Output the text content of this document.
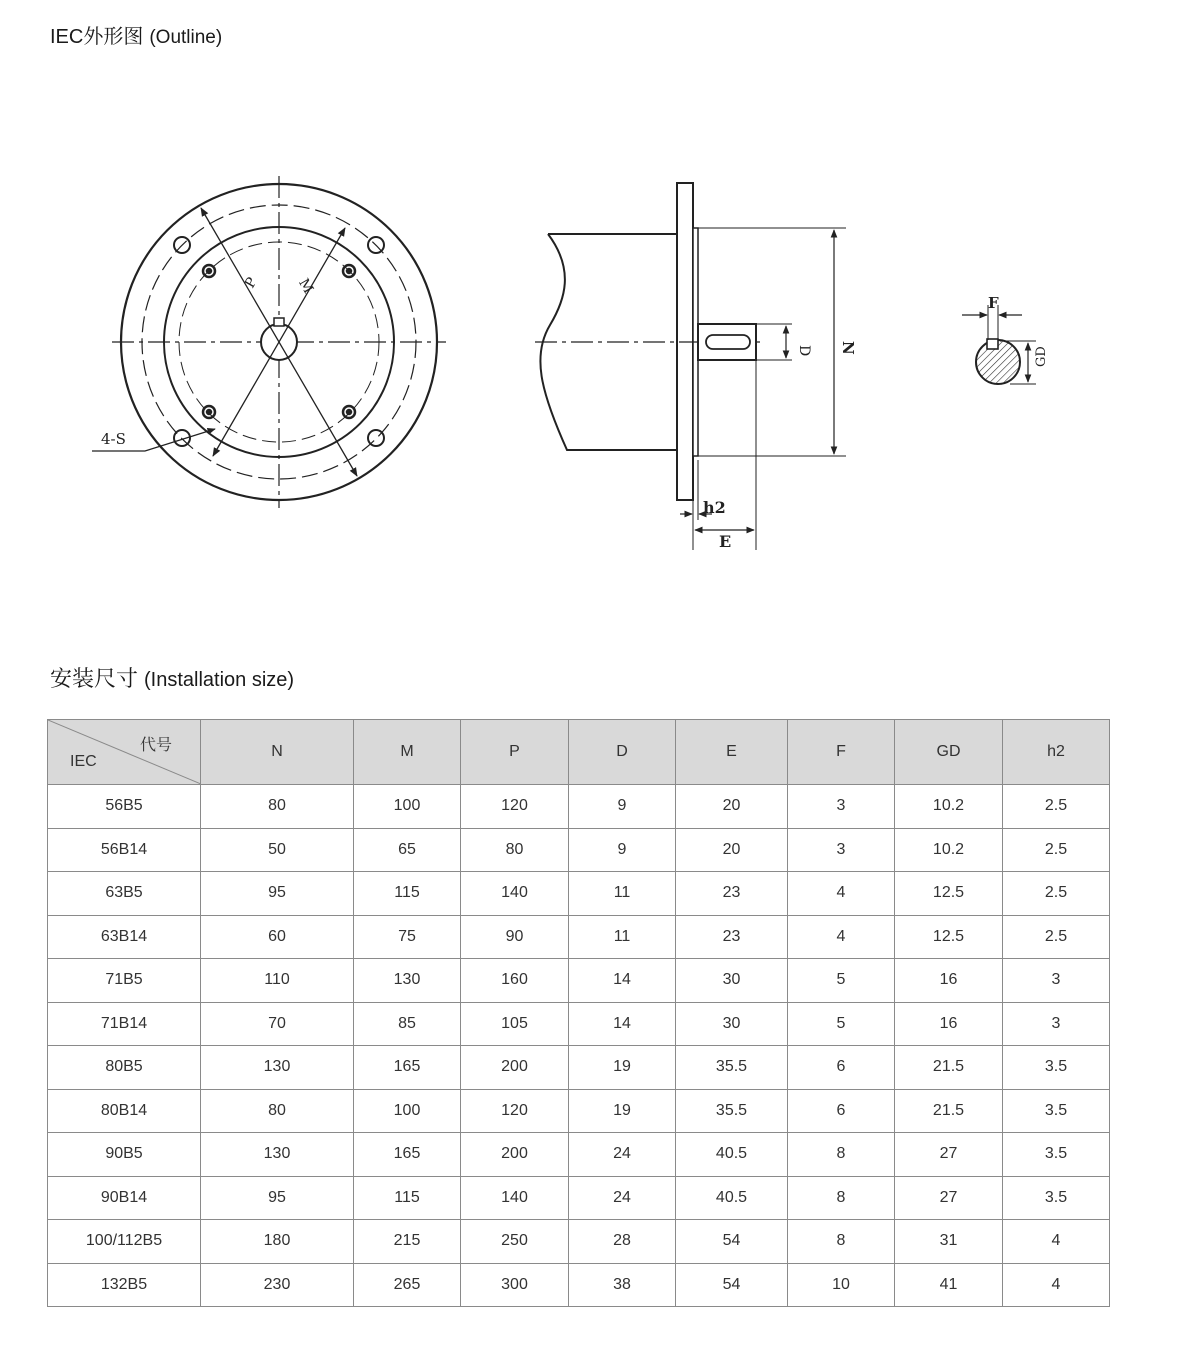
IEC外形图 (Outline)
P M
4-S
D N
h2
E
F
GD
安装尺寸 (Installation size)
代号
IEC	N	M	P	D	E	F	GD	h2
56B5	80	100	120	9	20	3	10.2	2.5
56B14	50	65	80	9	20	3	10.2	2.5
63B5	95	115	140	11	23	4	12.5	2.5
63B14	60	75	90	11	23	4	12.5	2.5
71B5	110	130	160	14	30	5	16	3
71B14	70	85	105	14	30	5	16	3
80B5	130	165	200	19	35.5	6	21.5	3.5
80B14	80	100	120	19	35.5	6	21.5	3.5
90B5	130	165	200	24	40.5	8	27	3.5
90B14	95	115	140	24	40.5	8	27	3.5
100/112B5	180	215	250	28	54	8	31	4
132B5	230	265	300	38	54	10	41	4
